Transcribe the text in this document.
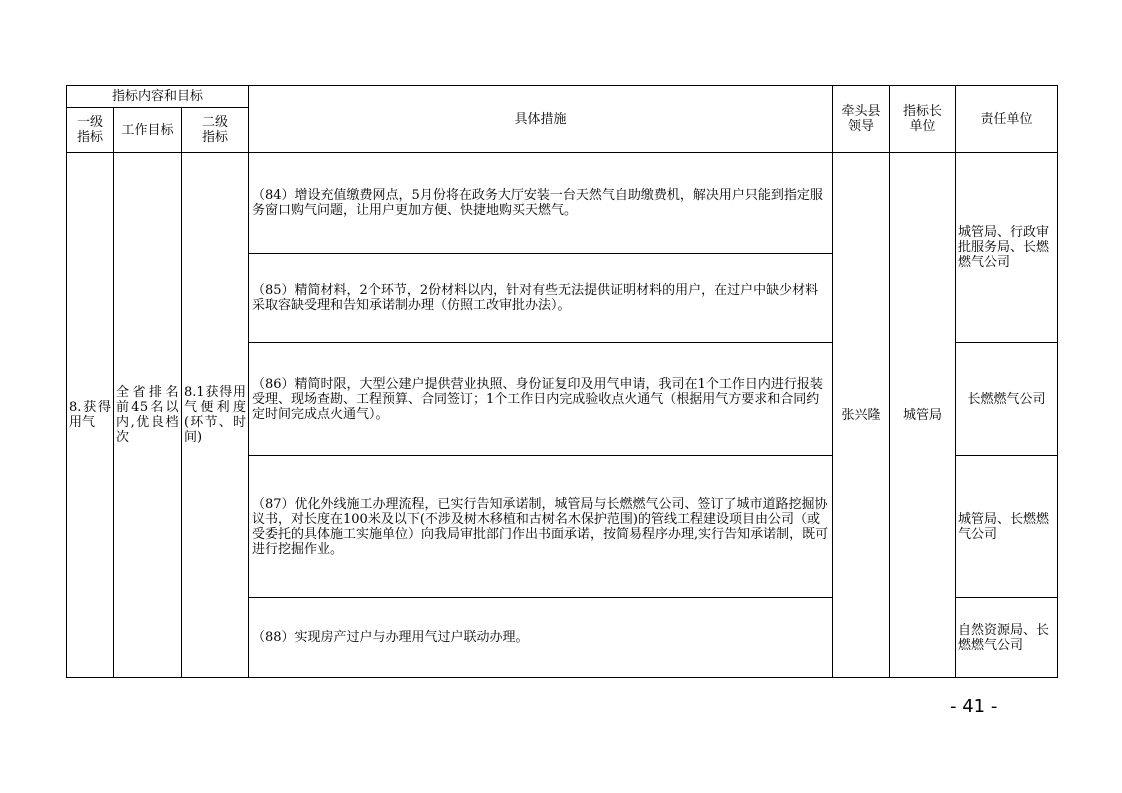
指标内容和目标			具体措施	牵头县领导	指标长单位	责任单位
一级指标	工作目标	二级指标				
8.获得用气	全省排名前45名以内,优良档次	8.1获得用气便利度(环节、时间)	（84）增设充值缴费网点，5月份将在政务大厅安装一台天然气自助缴费机，解决用户只能到指定服务窗口购气问题，让用户更加方便、快捷地购买天燃气。	张兴隆	城管局	城管局、行政审批服务局、长燃燃气公司
			（85）精简材料，2个环节，2份材料以内，针对有些无法提供证明材料的用户，在过户中缺少材料采取容缺受理和告知承诺制办理（仿照工改审批办法）。			
			（86）精简时限，大型公建户提供营业执照、身份证复印及用气申请，我司在1个工作日内进行报装受理、现场查勘、工程预算、合同签订；1个工作日内完成验收点火通气（根据用气方要求和合同约定时间完成点火通气）。			长燃燃气公司
			（87）优化外线施工办理流程，已实行告知承诺制，城管局与长燃燃气公司、签订了城市道路挖掘协议书，对长度在100米及以下(不涉及树木移植和古树名木保护范围)的管线工程建设项目由公司（或受委托的具体施工实施单位）向我局审批部门作出书面承诺，按简易程序办理,实行告知承诺制，既可进行挖掘作业。			城管局、长燃燃气公司
			（88）实现房产过户与办理用气过户联动办理。			自然资源局、长燃燃气公司
- 41 -
